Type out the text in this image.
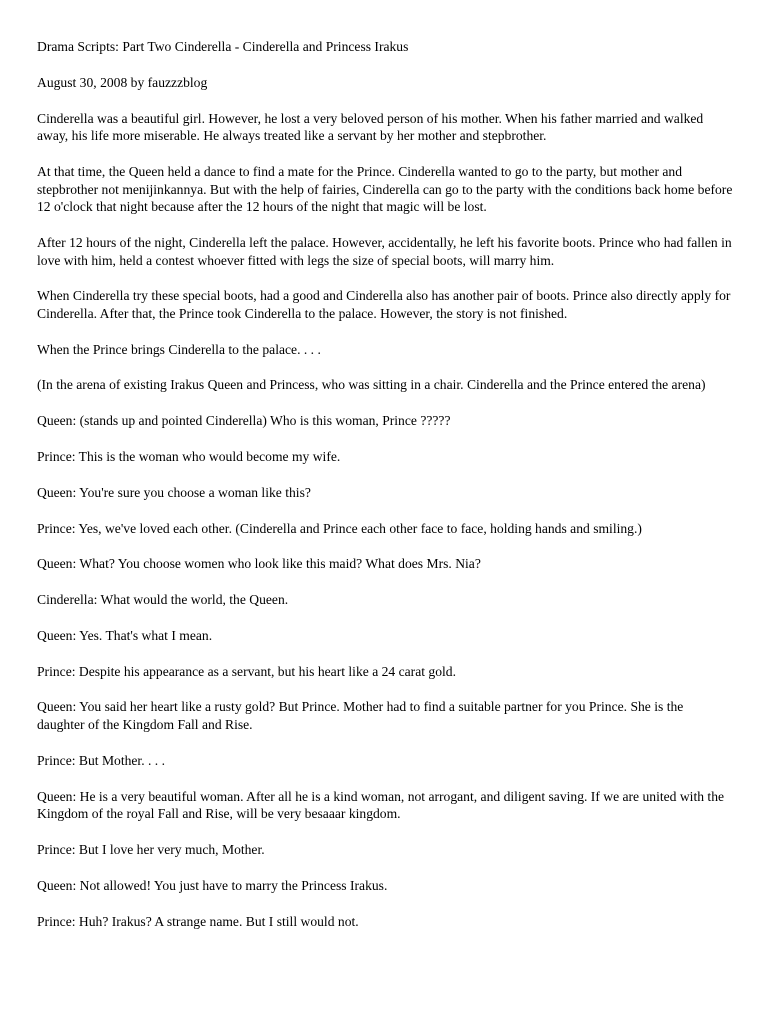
Drama Scripts: Part Two Cinderella - Cinderella and Princess Irakus

August 30, 2008 by fauzzzblog

Cinderella was a beautiful girl. However, he lost a very beloved person of his mother. When his father married and walked away, his life more miserable. He always treated like a servant by her mother and stepbrother.

At that time, the Queen held a dance to find a mate for the Prince. Cinderella wanted to go to the party, but mother and stepbrother not menijinkannya. But with the help of fairies, Cinderella can go to the party with the conditions back home before 12 o'clock that night because after the 12 hours of the night that magic will be lost.

After 12 hours of the night, Cinderella left the palace. However, accidentally, he left his favorite boots. Prince who had fallen in love with him, held a contest whoever fitted with legs the size of special boots, will marry him.

When Cinderella try these special boots, had a good and Cinderella also has another pair of boots. Prince also directly apply for Cinderella. After that, the Prince took Cinderella to the palace. However, the story is not finished.

When the Prince brings Cinderella to the palace. . . .

(In the arena of existing Irakus Queen and Princess, who was sitting in a chair. Cinderella and the Prince entered the arena)

Queen: (stands up and pointed Cinderella) Who is this woman, Prince ?????

Prince: This is the woman who would become my wife.

Queen: You're sure you choose a woman like this?

Prince: Yes, we've loved each other. (Cinderella and Prince each other face to face, holding hands and smiling.)

Queen: What? You choose women who look like this maid? What does Mrs. Nia?

Cinderella: What would the world, the Queen.

Queen: Yes. That's what I mean.

Prince: Despite his appearance as a servant, but his heart like a 24 carat gold.

Queen: You said her heart like a rusty gold? But Prince. Mother had to find a suitable partner for you Prince. She is the daughter of the Kingdom Fall and Rise.

Prince: But Mother. . . .

Queen: He is a very beautiful woman. After all he is a kind woman, not arrogant, and diligent saving. If we are united with the Kingdom of the royal Fall and Rise, will be very besaaar kingdom.

Prince: But I love her very much, Mother.

Queen: Not allowed! You just have to marry the Princess Irakus.

Prince: Huh? Irakus? A strange name. But I still would not.
